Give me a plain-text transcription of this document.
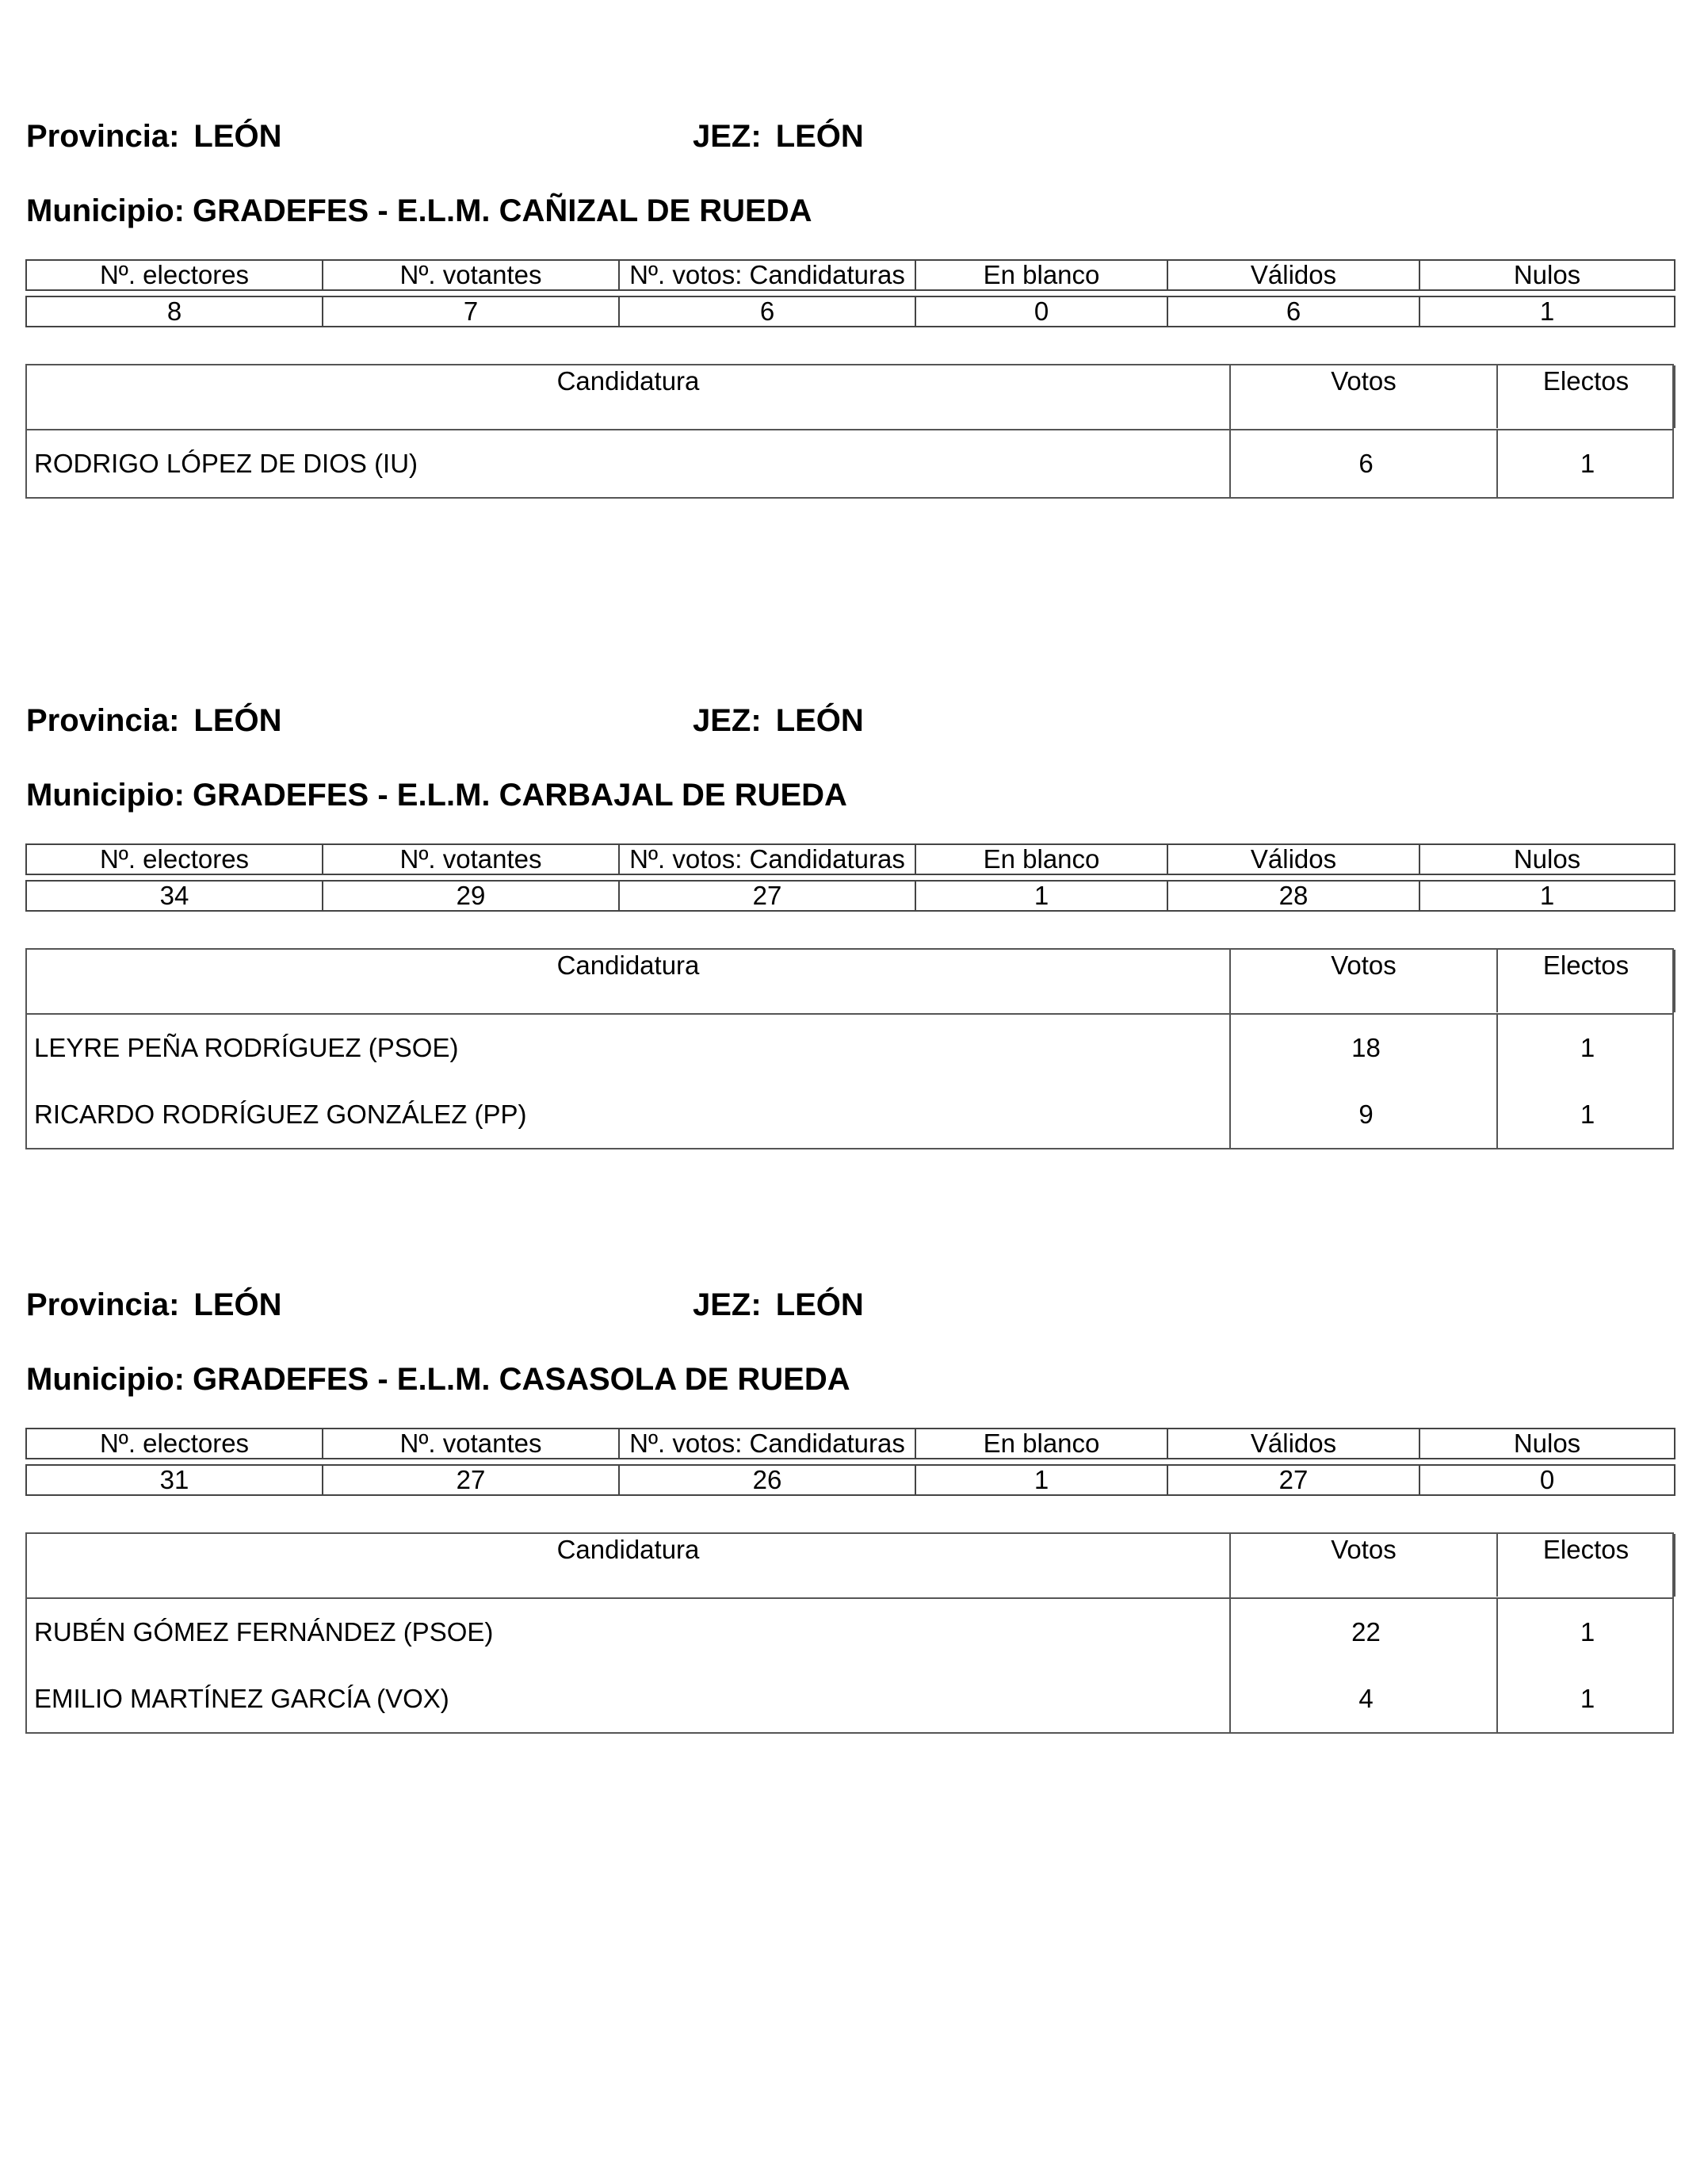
Provincia: LEÓN	JEZ: LEÓN
Municipio: GRADEFES - E.L.M. CAÑIZAL DE RUEDA
Nº. electores	Nº. votantes	Nº. votos: Candidaturas	En blanco	Válidos	Nulos

8	7	6	0	6	1
Candidatura	Votos	Electos
RODRIGO LÓPEZ DE DIOS (IU)	6	1
Provincia: LEÓN	JEZ: LEÓN
Municipio: GRADEFES - E.L.M. CARBAJAL DE RUEDA
Nº. electores	Nº. votantes	Nº. votos: Candidaturas	En blanco	Válidos	Nulos

34	29	27	1	28	1
Candidatura	Votos	Electos
LEYRE PEÑA RODRÍGUEZ (PSOE)	18	1
RICARDO RODRÍGUEZ GONZÁLEZ (PP)	9	1
Provincia: LEÓN	JEZ: LEÓN
Municipio: GRADEFES - E.L.M. CASASOLA DE RUEDA
Nº. electores	Nº. votantes	Nº. votos: Candidaturas	En blanco	Válidos	Nulos

31	27	26	1	27	0
Candidatura	Votos	Electos
RUBÉN GÓMEZ FERNÁNDEZ (PSOE)	22	1
EMILIO MARTÍNEZ GARCÍA (VOX)	4	1
